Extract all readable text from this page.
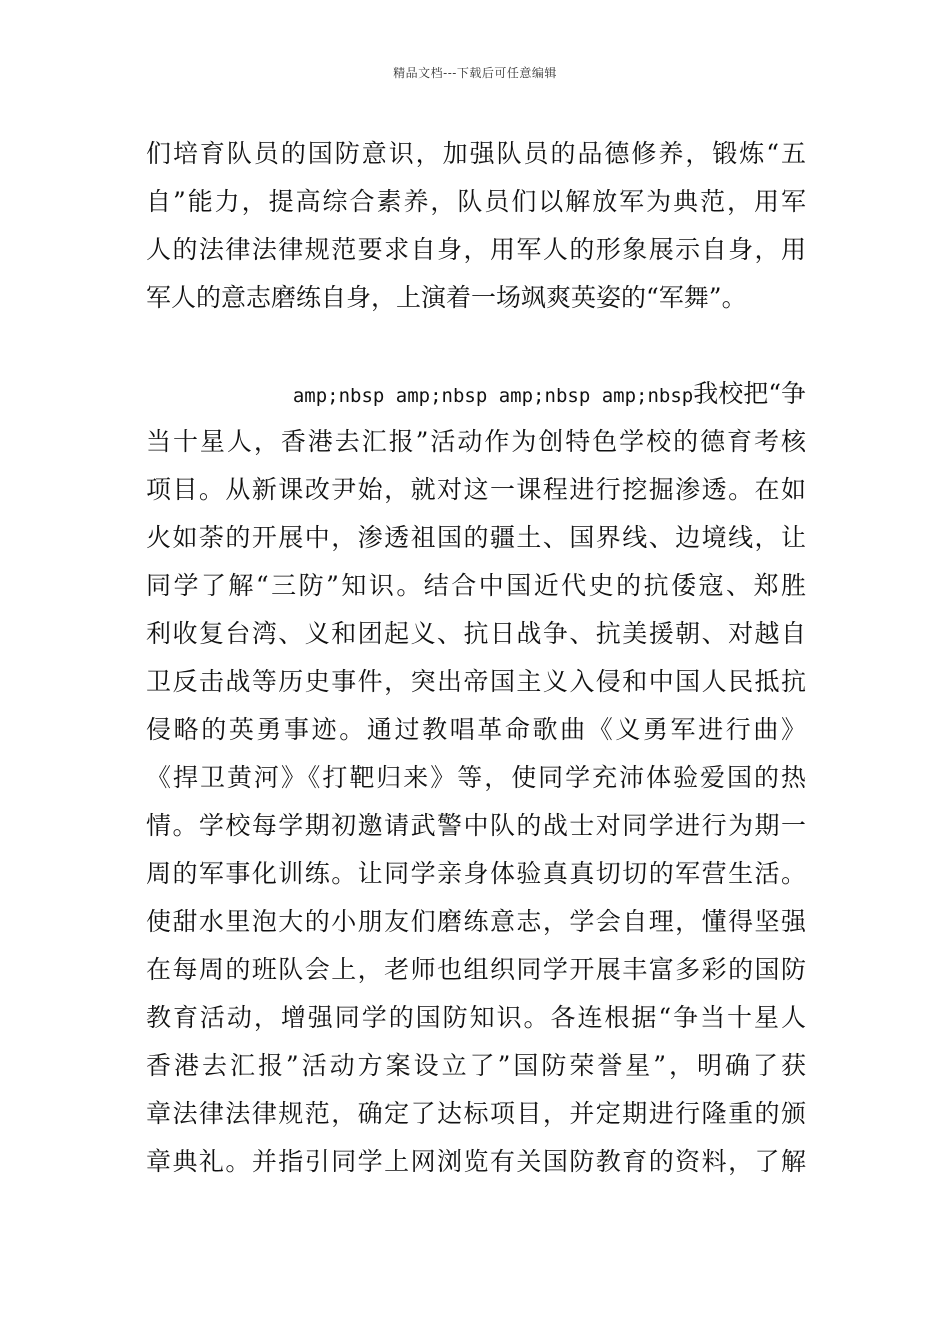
精品文档---下载后可任意编辑
们培育队员的国防意识，加强队员的品德修养，锻炼“五
自”能力，提高综合素养，队员们以解放军为典范，用军
人的法律法律规范要求自身，用军人的形象展示自身，用
军人的意志磨练自身，上演着一场飒爽英姿的“军舞”。
amp;nbsp amp;nbsp amp;nbsp amp;nbsp我校把“争
当十星人，香港去汇报”活动作为创特色学校的德育考核
项目。从新课改尹始，就对这一课程进行挖掘渗透。在如
火如荼的开展中，渗透祖国的疆土、国界线、边境线，让
同学了解“三防”知识。结合中国近代史的抗倭寇、郑胜
利收复台湾、义和团起义、抗日战争、抗美援朝、对越自
卫反击战等历史事件，突出帝国主义入侵和中国人民抵抗
侵略的英勇事迹。通过教唱革命歌曲《义勇军进行曲》
《捍卫黄河》《打靶归来》等，使同学充沛体验爱国的热
情。学校每学期初邀请武警中队的战士对同学进行为期一
周的军事化训练。让同学亲身体验真真切切的军营生活。
使甜水里泡大的小朋友们磨练意志，学会自理，懂得坚强
在每周的班队会上，老师也组织同学开展丰富多彩的国防
教育活动，增强同学的国防知识。各连根据“争当十星人
香港去汇报”活动方案设立了”国防荣誉星”，明确了获
章法律法律规范，确定了达标项目，并定期进行隆重的颁
章典礼。并指引同学上网浏览有关国防教育的资料，了解
